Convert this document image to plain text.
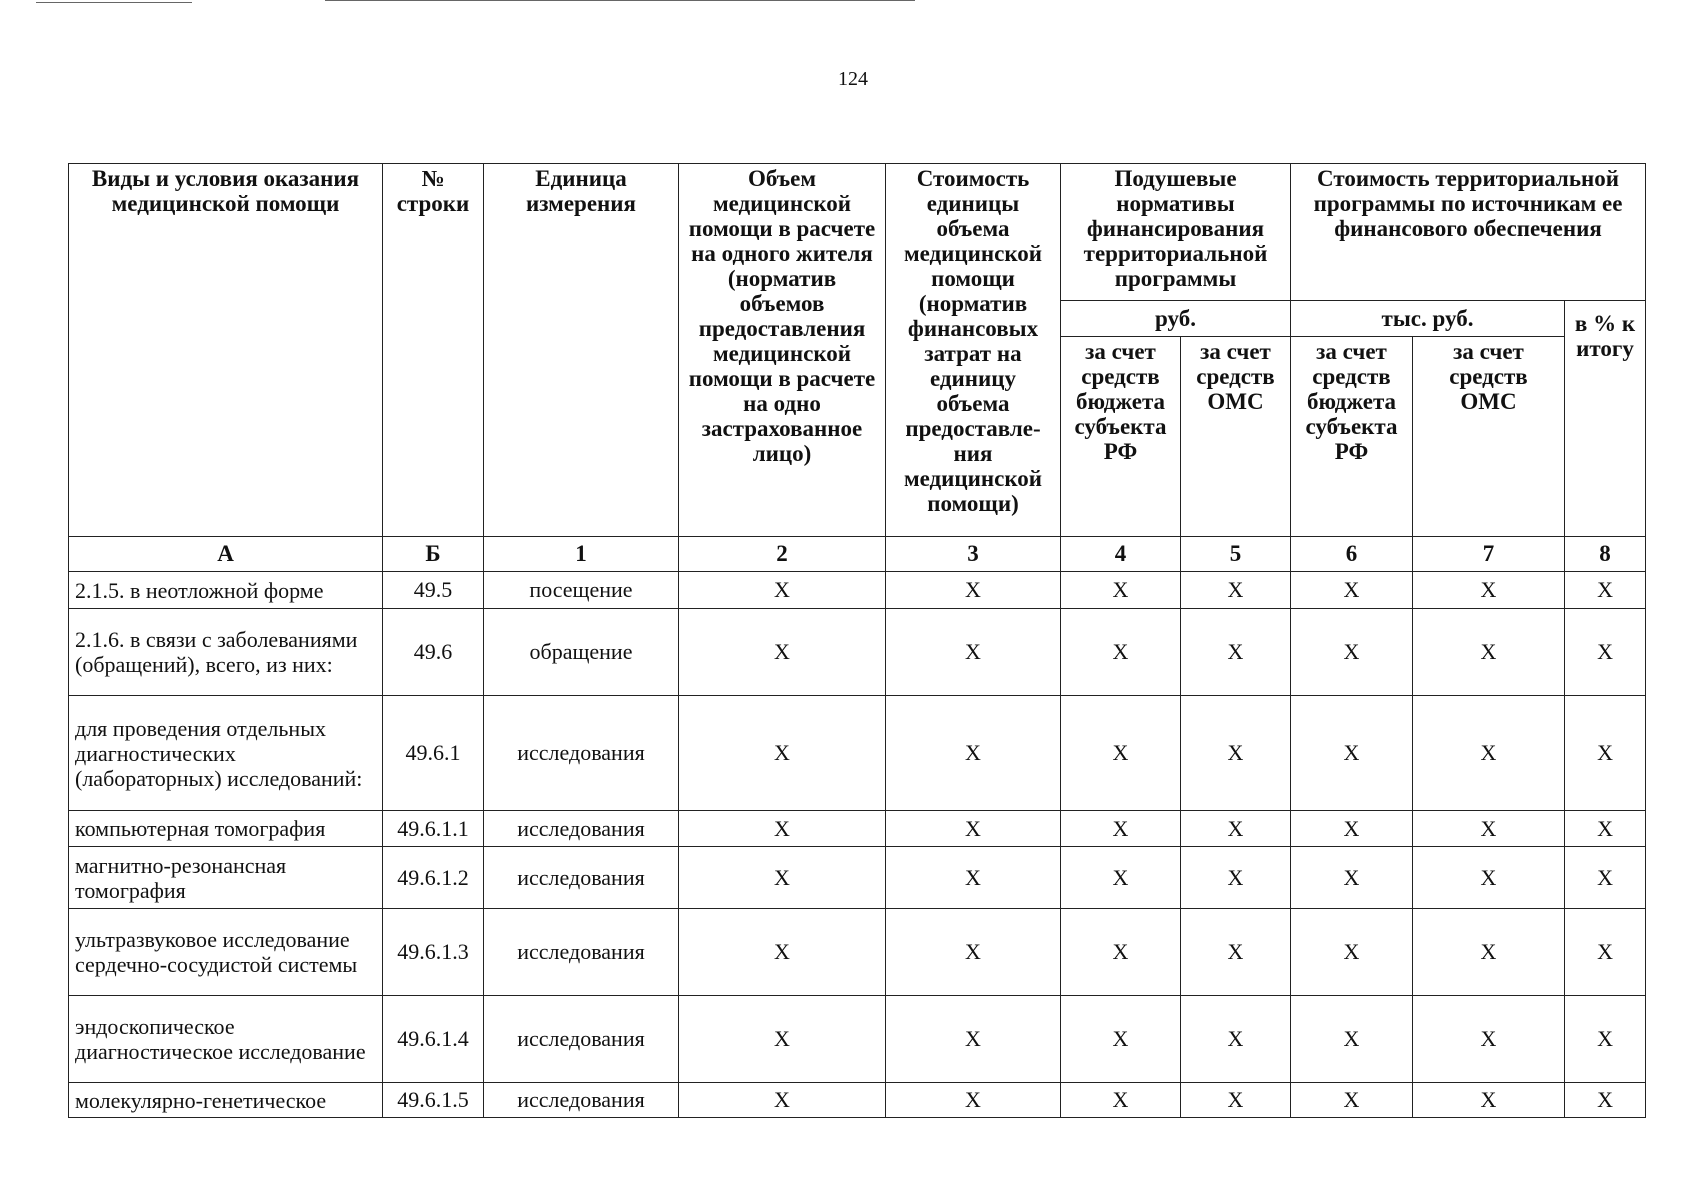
124
Виды и условия оказания медицинской помощи	№ строки	Единица измерения	Объем медицинской помощи в расчете на одного жителя (норматив объемов предоставления медицинской помощи в расчете на одно застрахованное лицо)	Стоимость единицы объема медицинской помощи (норматив финансовых затрат на единицу объема предоставле-ния медицинской помощи)	Подушевые нормативы финансирования территориальной программы		Стоимость территориальной программы по источникам ее финансового обеспечения		
					руб.		тыс. руб.		в % к итогу
					за счет средств бюджета субъекта РФ	за счет средств ОМС	за счет средств бюджета субъекта РФ	за счет средств ОМС	
А	Б	1	2	3	4	5	6	7	8
2.1.5. в неотложной форме	49.5	посещение	X	X	X	X	X	X	X
2.1.6. в связи с заболеваниями (обращений), всего, из них:	49.6	обращение	X	X	X	X	X	X	X
для проведения отдельных диагностических (лабораторных) исследований:	49.6.1	исследования	X	X	X	X	X	X	X
компьютерная томография	49.6.1.1	исследования	X	X	X	X	X	X	X
магнитно-резонансная томография	49.6.1.2	исследования	X	X	X	X	X	X	X
ультразвуковое исследование сердечно-сосудистой системы	49.6.1.3	исследования	X	X	X	X	X	X	X
эндоскопическое диагностическое исследование	49.6.1.4	исследования	X	X	X	X	X	X	X
молекулярно-генетическое	49.6.1.5	исследования	X	X	X	X	X	X	X
